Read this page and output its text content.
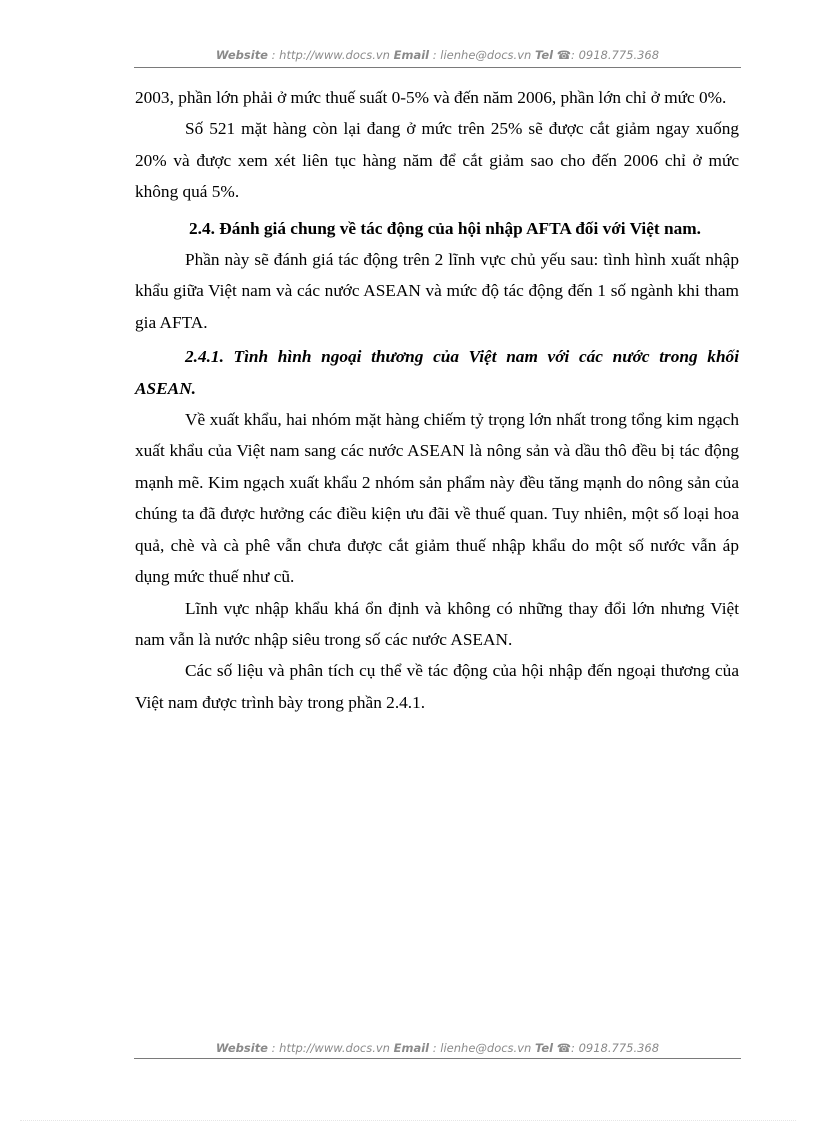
Website : http://www.docs.vn Email : lienhe@docs.vn Tel ☎: 0918.775.368

2003, phần lớn phải ở mức thuế suất 0-5% và đến năm 2006, phần lớn chỉ ở mức 0%.

Số 521 mặt hàng còn lại đang ở mức trên 25% sẽ được cắt giảm ngay xuống 20% và được xem xét liên tục hàng năm để cắt giảm sao cho đến 2006 chỉ ở mức không quá 5%.

2.4. Đánh giá chung về tác động của hội nhập AFTA đối với Việt nam.

Phần này sẽ đánh giá tác động trên 2 lĩnh vực chủ yếu sau: tình hình xuất nhập khẩu giữa Việt nam và các nước ASEAN và mức độ tác động đến 1 số ngành khi tham gia AFTA.

2.4.1. Tình hình ngoại thương của Việt nam với các nước trong khối ASEAN.

Về xuất khẩu, hai nhóm mặt hàng chiếm tỷ trọng lớn nhất trong tổng kim ngạch xuất khẩu của Việt nam sang các nước ASEAN là nông sản và dầu thô đều bị tác động mạnh mẽ. Kim ngạch xuất khẩu 2 nhóm sản phẩm này đều tăng mạnh do nông sản của chúng ta đã được hưởng các điều kiện ưu đãi về thuế quan. Tuy nhiên, một số loại hoa quả, chè và cà phê vẫn chưa được cắt giảm thuế nhập khẩu do một số nước vẫn áp dụng mức thuế như cũ.

Lĩnh vực nhập khẩu khá ổn định và không có những thay đổi lớn nhưng Việt nam vẫn là nước nhập siêu trong số các nước ASEAN.

Các số liệu và phân tích cụ thể về tác động của hội nhập đến ngoại thương của Việt nam được trình bày trong phần 2.4.1.

Website : http://www.docs.vn Email : lienhe@docs.vn Tel ☎: 0918.775.368
